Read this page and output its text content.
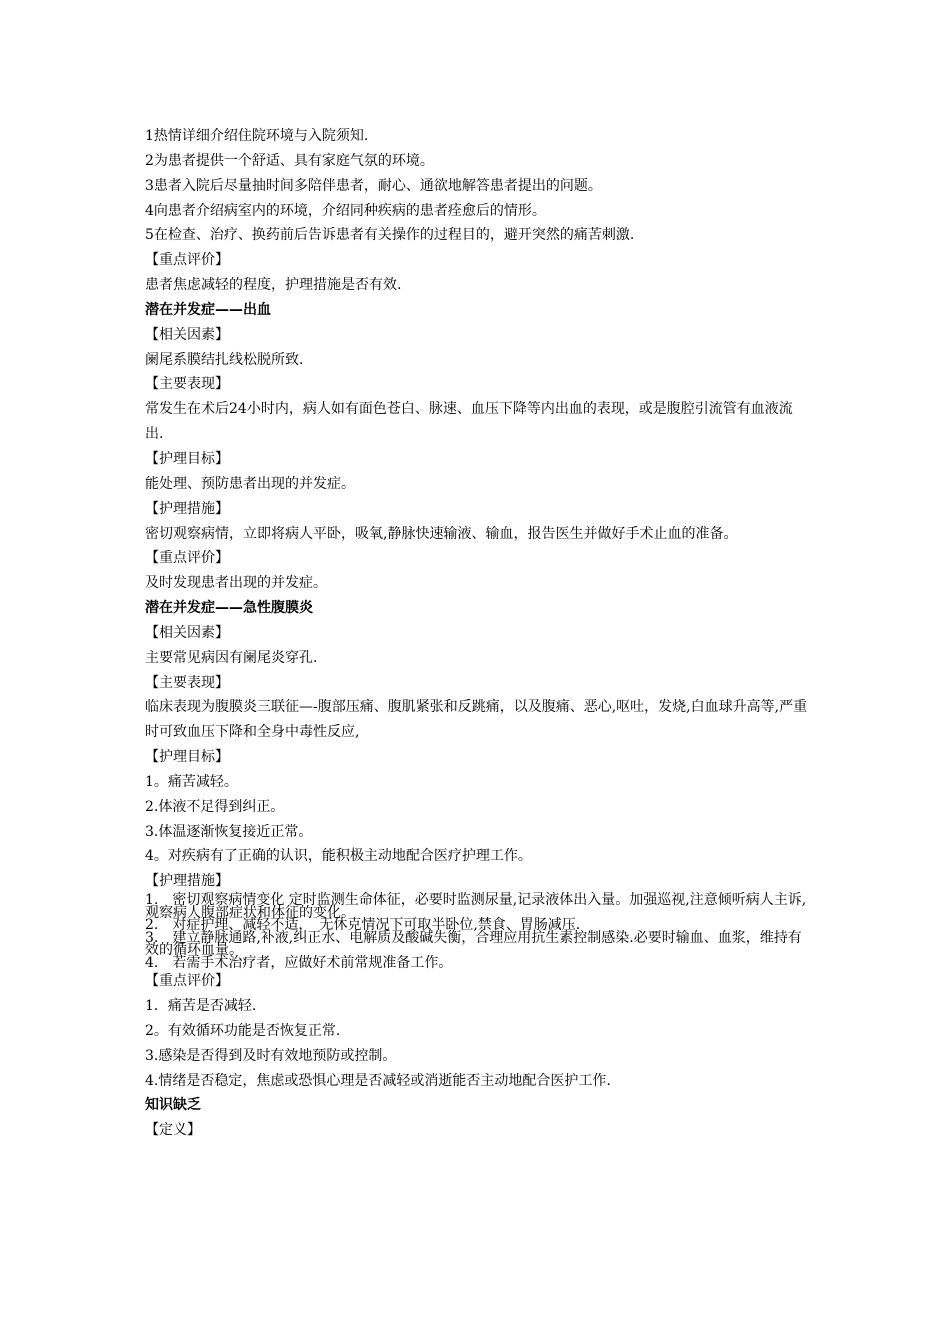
1热情详细介绍住院环境与入院须知.
2为患者提供一个舒适、具有家庭气氛的环境。
3患者入院后尽量抽时间多陪伴患者，耐心、通欲地解答患者提出的问题。
4向患者介绍病室内的环境，介绍同种疾病的患者痊愈后的情形。
5在检查、治疗、换药前后告诉患者有关操作的过程目的，避开突然的痛苦刺激.
【重点评价】
患者焦虑减轻的程度，护理措施是否有效.
潜在并发症——出血
【相关因素】
阑尾系膜结扎线松脱所致.
【主要表现】
常发生在术后24小时内，病人如有面色苍白、脉速、血压下降等内出血的表现，或是腹腔引流管有血液流出.
【护理目标】
能处理、预防患者出现的并发症。
【护理措施】
密切观察病情，立即将病人平卧，吸氧,静脉快速输液、输血，报告医生并做好手术止血的准备。
【重点评价】
及时发现患者出现的并发症。
潜在并发症——急性腹膜炎
【相关因素】
主要常见病因有阑尾炎穿孔.
【主要表现】
临床表现为腹膜炎三联征—-腹部压痛、腹肌紧张和反跳痛，以及腹痛、恶心,呕吐，发烧,白血球升高等,严重时可致血压下降和全身中毒性反应,
【护理目标】
1。痛苦减轻。
2.体液不足得到纠正。
3.体温逐渐恢复接近正常。
4。对疾病有了正确的认识，能积极主动地配合医疗护理工作。
【护理措施】
1.　密切观察病情变化 定时监测生命体征，必要时监测尿量,记录液体出入量。加强巡视,注意倾听病人主诉,观察病人腹部症状和体征的变化。
2.　对症护理、减轻不适，　无休克情况下可取半卧位,禁食、胃肠减压.
3.　建立静脉通路,补液,纠正水、电解质及酸碱失衡，合理应用抗生素控制感染.必要时输血、血浆，维持有效的循环血量。
4.　若需手术治疗者，应做好术前常规准备工作。
【重点评价】
1．痛苦是否减轻.
2。有效循环功能是否恢复正常.
3.感染是否得到及时有效地预防或控制。
4.情绪是否稳定，焦虑或恐惧心理是否减轻或消逝能否主动地配合医护工作.
知识缺乏
【定义】
